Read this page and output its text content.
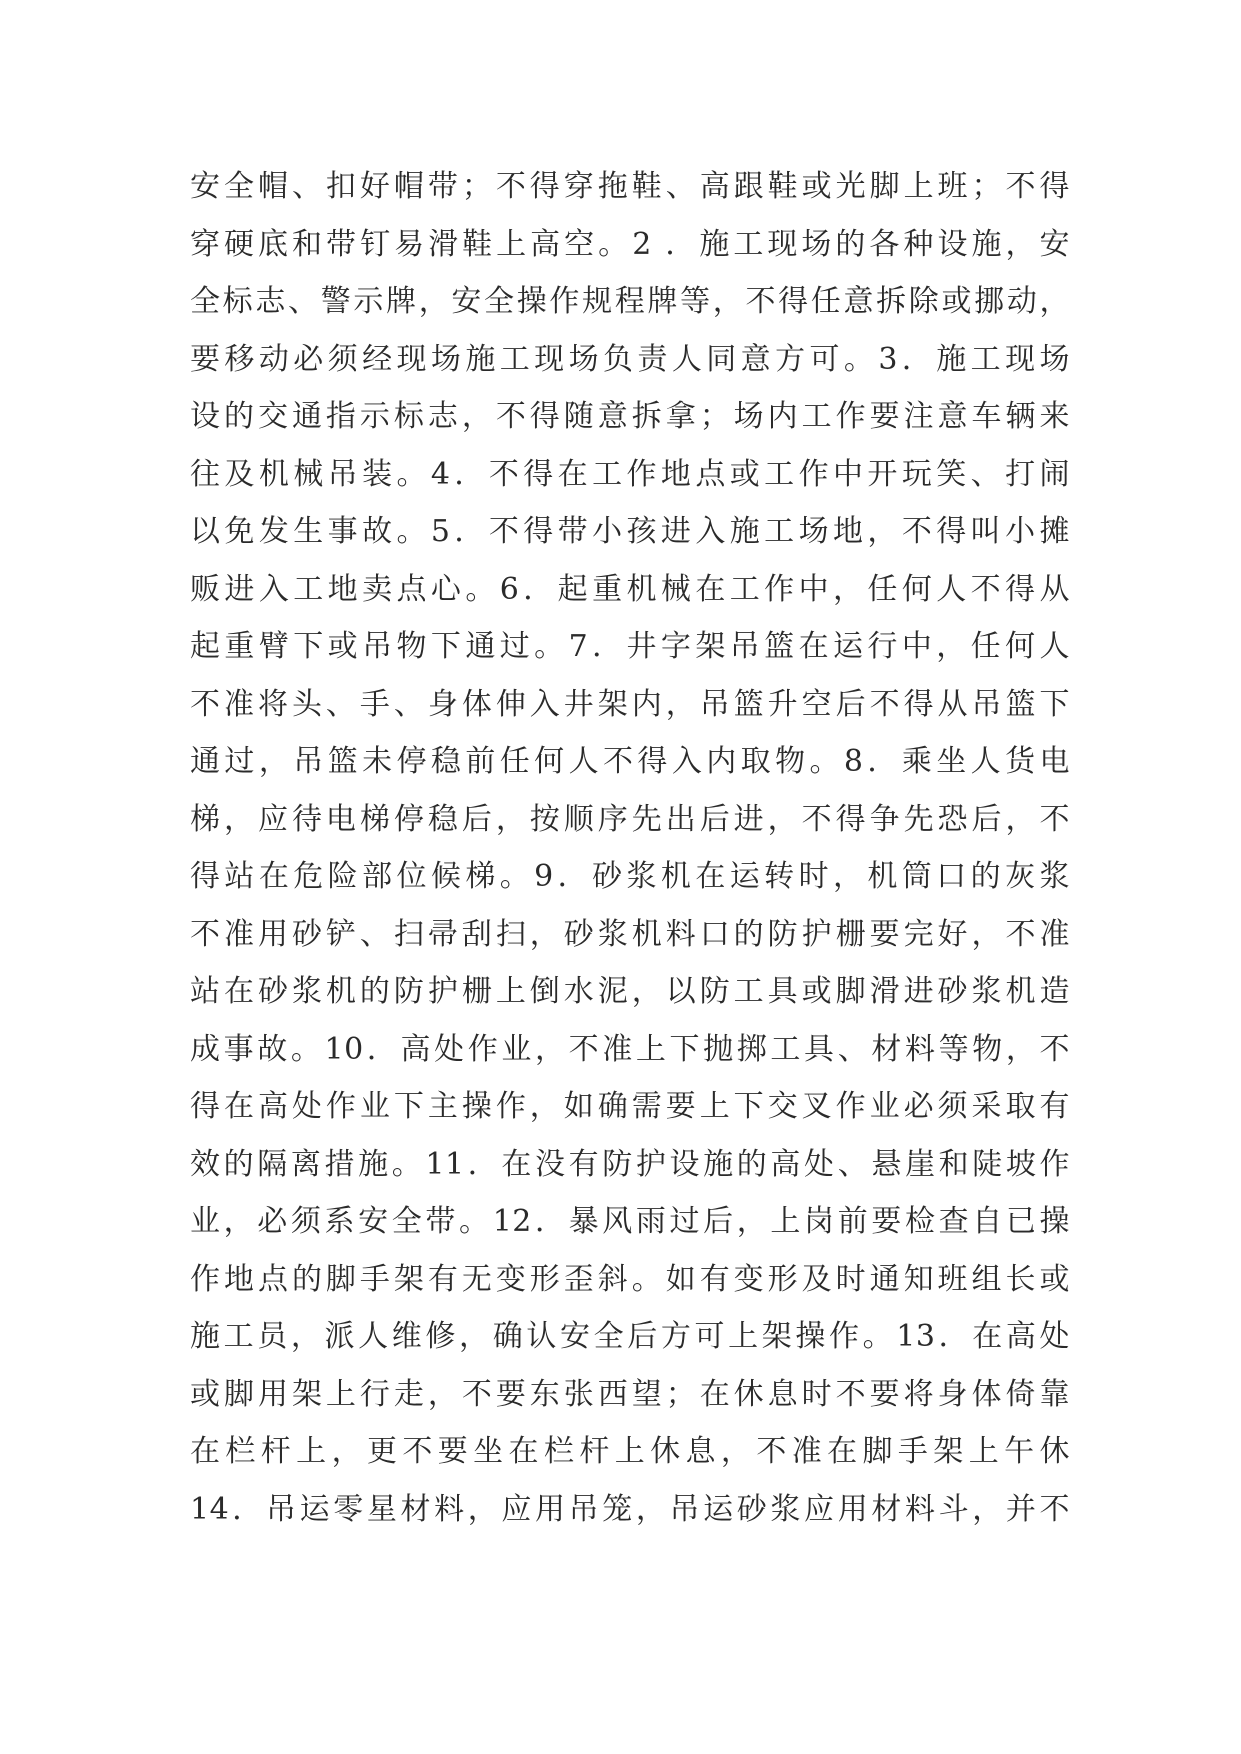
安全帽、扣好帽带；不得穿拖鞋、高跟鞋或光脚上班；不得
穿硬底和带钉易滑鞋上高空。2 ．施工现场的各种设施，安
全标志、警示牌，安全操作规程牌等，不得任意拆除或挪动，
要移动必须经现场施工现场负责人同意方可。3．施工现场
设的交通指示标志，不得随意拆拿；场内工作要注意车辆来
往及机械吊装。4．不得在工作地点或工作中开玩笑、打闹
以免发生事故。5．不得带小孩进入施工场地，不得叫小摊
贩进入工地卖点心。6．起重机械在工作中，任何人不得从
起重臂下或吊物下通过。7．井字架吊篮在运行中，任何人
不准将头、手、身体伸入井架内，吊篮升空后不得从吊篮下
通过，吊篮未停稳前任何人不得入内取物。8．乘坐人货电
梯，应待电梯停稳后，按顺序先出后进，不得争先恐后，不
得站在危险部位候梯。9．砂浆机在运转时，机筒口的灰浆
不准用砂铲、扫帚刮扫，砂浆机料口的防护栅要完好，不准
站在砂浆机的防护栅上倒水泥，以防工具或脚滑进砂浆机造
成事故。10．高处作业，不准上下抛掷工具、材料等物，不
得在高处作业下主操作，如确需要上下交叉作业必须采取有
效的隔离措施。11．在没有防护设施的高处、悬崖和陡坡作
业，必须系安全带。12．暴风雨过后，上岗前要检查自已操
作地点的脚手架有无变形歪斜。如有变形及时通知班组长或
施工员，派人维修，确认安全后方可上架操作。13．在高处
或脚用架上行走，不要东张西望；在休息时不要将身体倚靠
在栏杆上，更不要坐在栏杆上休息，不准在脚手架上午休
14．吊运零星材料，应用吊笼，吊运砂浆应用材料斗，并不
